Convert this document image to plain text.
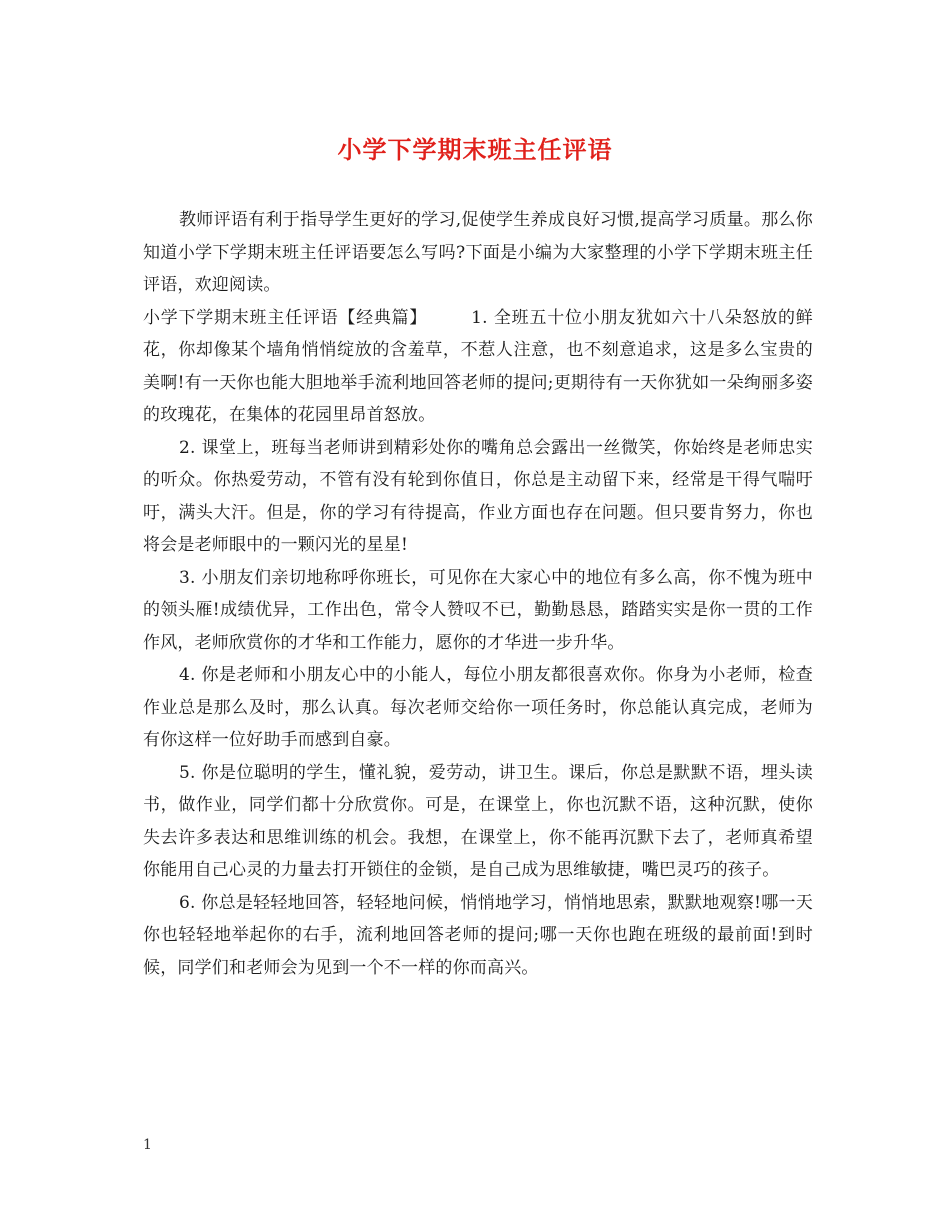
小学下学期末班主任评语

教师评语有利于指导学生更好的学习,促使学生养成良好习惯,提高学习质量。那么你知道小学下学期末班主任评语要怎么写吗?下面是小编为大家整理的小学下学期末班主任评语，欢迎阅读。

小学下学期末班主任评语【经典篇】	1. 全班五十位小朋友犹如六十八朵怒放的鲜花，你却像某个墙角悄悄绽放的含羞草，不惹人注意，也不刻意追求，这是多么宝贵的美啊!有一天你也能大胆地举手流利地回答老师的提问;更期待有一天你犹如一朵绚丽多姿的玫瑰花，在集体的花园里昂首怒放。

2. 课堂上，班每当老师讲到精彩处你的嘴角总会露出一丝微笑，你始终是老师忠实的听众。你热爱劳动，不管有没有轮到你值日，你总是主动留下来，经常是干得气喘吁吁，满头大汗。但是，你的学习有待提高，作业方面也存在问题。但只要肯努力，你也将会是老师眼中的一颗闪光的星星!

3. 小朋友们亲切地称呼你班长，可见你在大家心中的地位有多么高，你不愧为班中的领头雁!成绩优异，工作出色，常令人赞叹不已，勤勤恳恳，踏踏实实是你一贯的工作作风，老师欣赏你的才华和工作能力，愿你的才华进一步升华。

4. 你是老师和小朋友心中的小能人，每位小朋友都很喜欢你。你身为小老师，检查作业总是那么及时，那么认真。每次老师交给你一项任务时，你总能认真完成，老师为有你这样一位好助手而感到自豪。

5. 你是位聪明的学生，懂礼貌，爱劳动，讲卫生。课后，你总是默默不语，埋头读书，做作业，同学们都十分欣赏你。可是，在课堂上，你也沉默不语，这种沉默，使你失去许多表达和思维训练的机会。我想，在课堂上，你不能再沉默下去了，老师真希望你能用自己心灵的力量去打开锁住的金锁，是自己成为思维敏捷，嘴巴灵巧的孩子。

6. 你总是轻轻地回答，轻轻地问候，悄悄地学习，悄悄地思索，默默地观察!哪一天你也轻轻地举起你的右手，流利地回答老师的提问;哪一天你也跑在班级的最前面!到时候，同学们和老师会为见到一个不一样的你而高兴。

1
